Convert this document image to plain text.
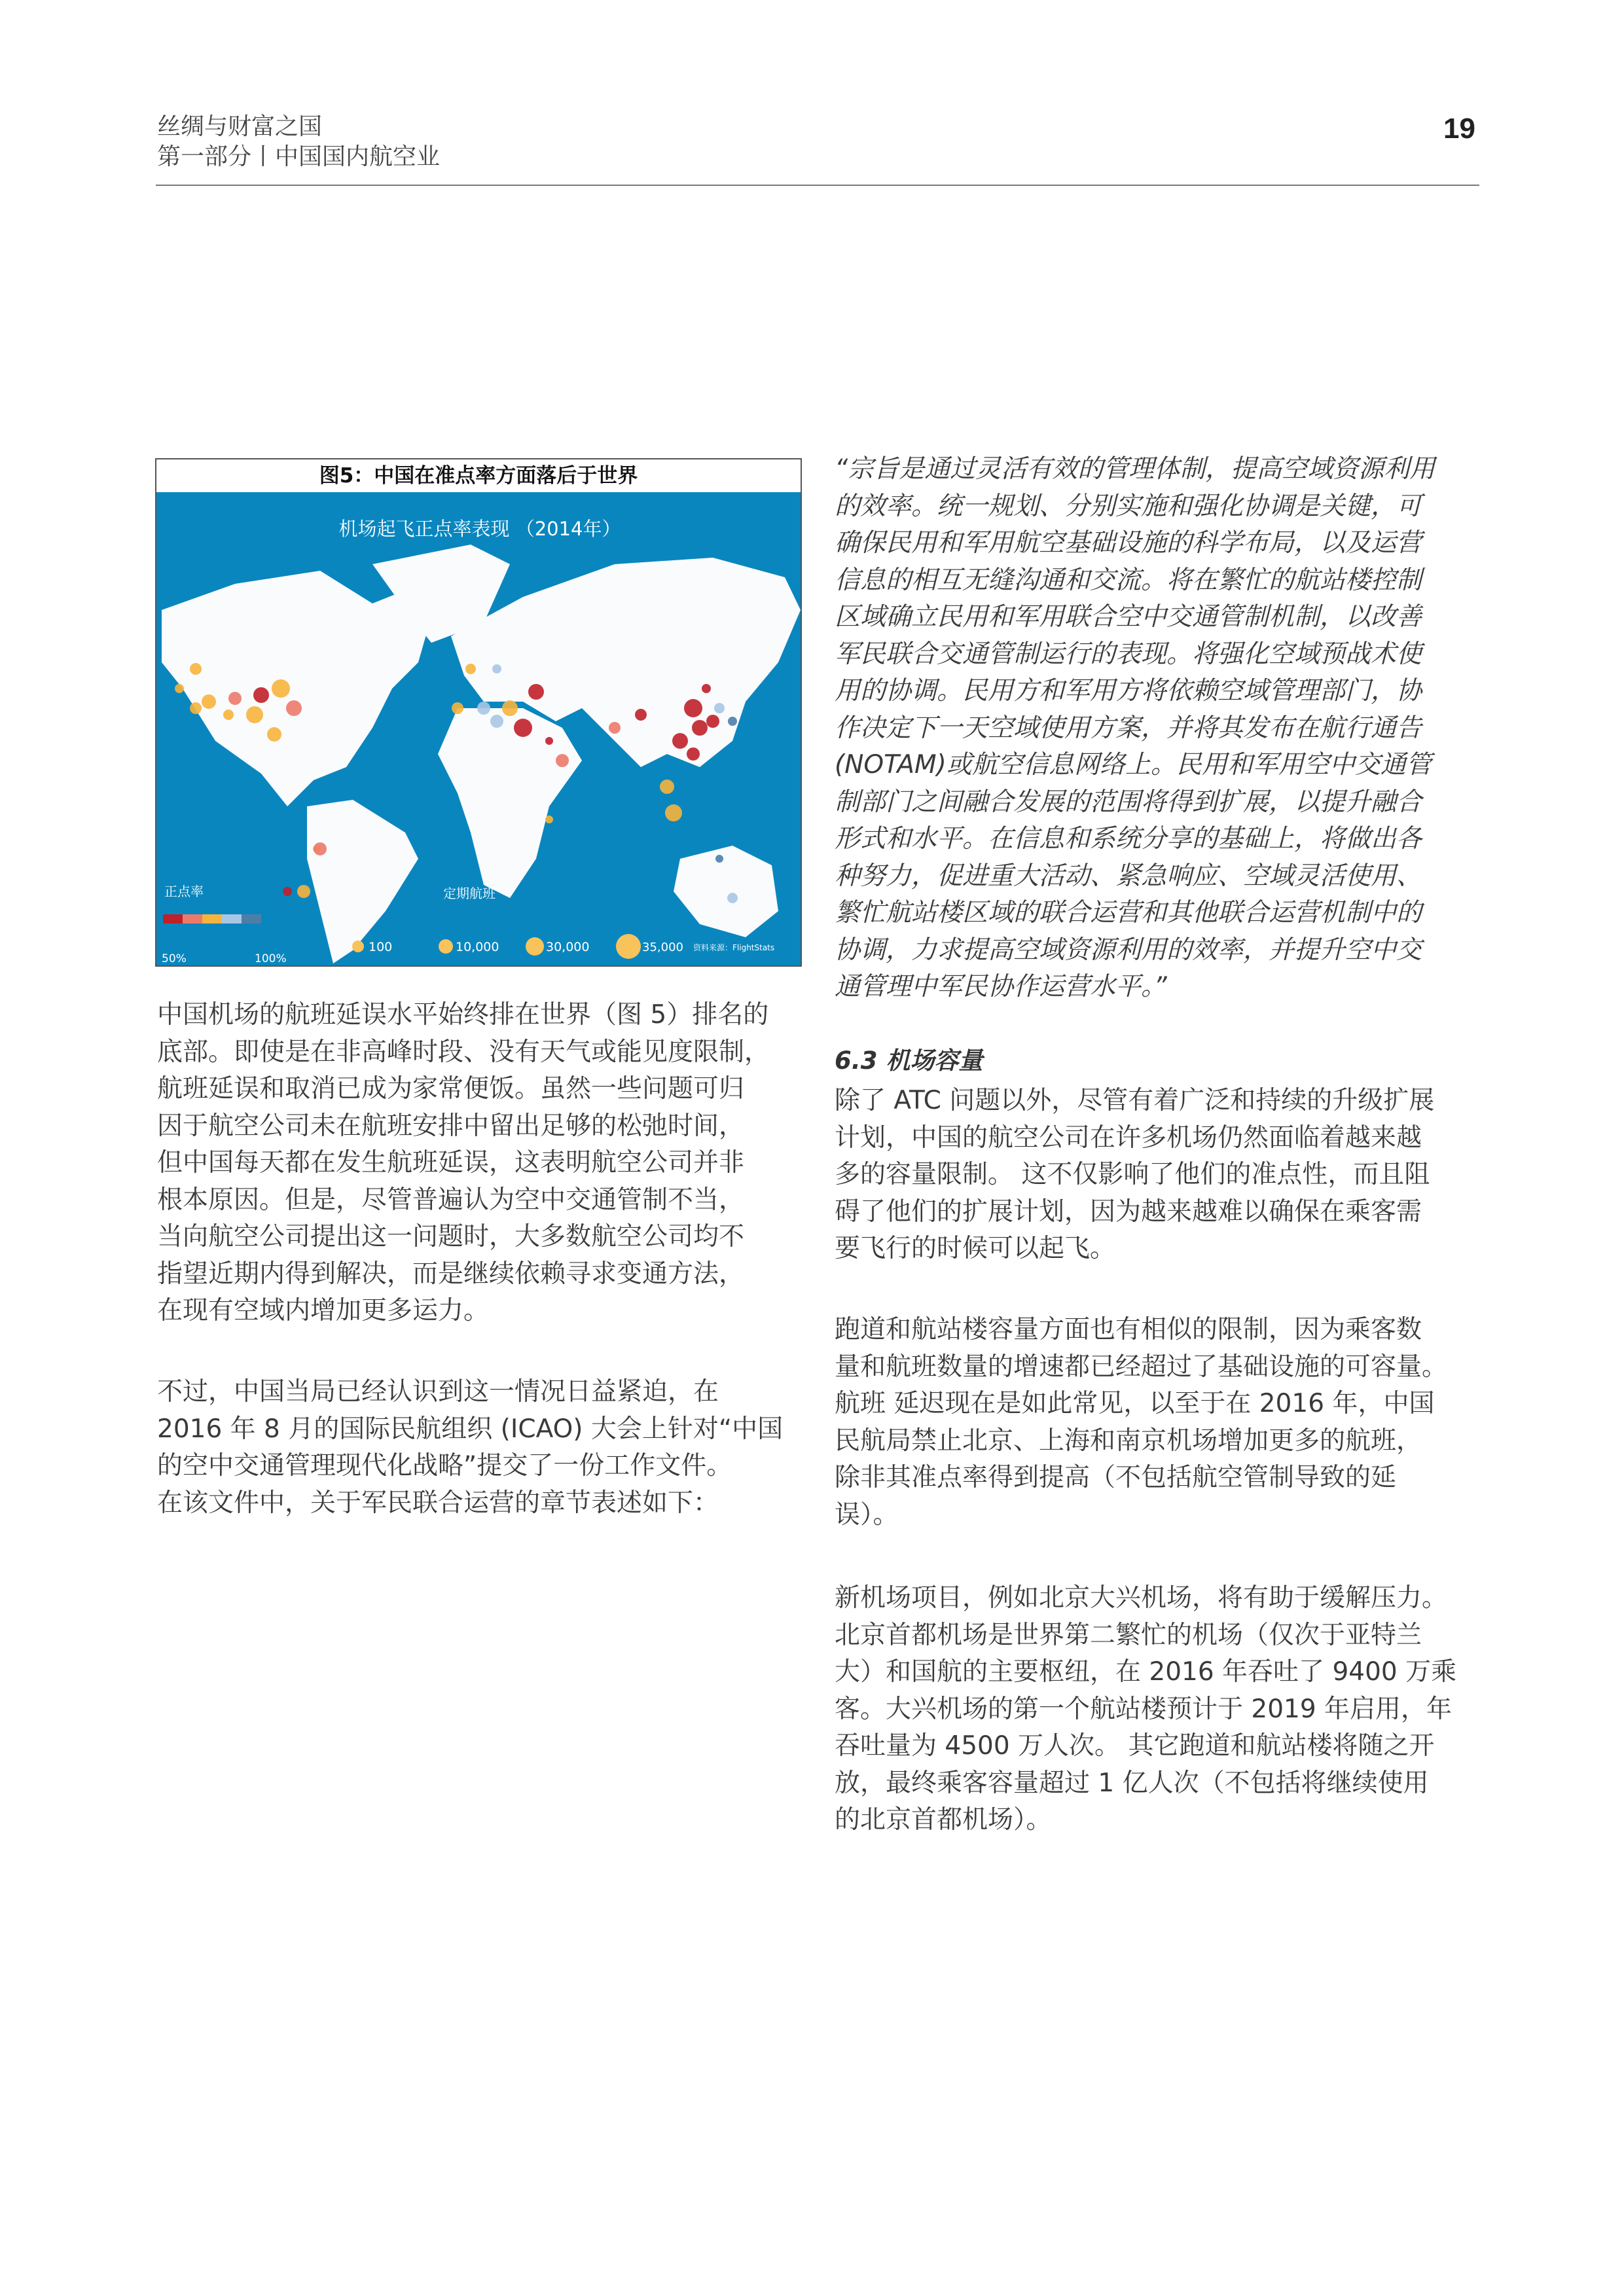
丝绸与财富之国
第一部分丨中国国内航空业
19
图5：中国在准点率方面落后于世界
机场起飞正点率表现 （2014年）
正点率
50%	100%
定期航班
100	10,000	30,000	35,000 资料来源：FlightStats
中国机场的航班延误水平始终排在世界（图 5）排名的
底部。即使是在非高峰时段、没有天气或能见度限制，
航班延误和取消已成为家常便饭。虽然一些问题可归
因于航空公司未在航班安排中留出足够的松弛时间，
但中国每天都在发生航班延误，这表明航空公司并非
根本原因。但是，尽管普遍认为空中交通管制不当，
当向航空公司提出这一问题时，大多数航空公司均不
指望近期内得到解决，而是继续依赖寻求变通方法，
在现有空域内增加更多运力。
不过，中国当局已经认识到这一情况日益紧迫，在
2016 年 8 月的国际民航组织 (ICAO) 大会上针对“中国
的空中交通管理现代化战略”提交了一份工作文件。
在该文件中，关于军民联合运营的章节表述如下：
“宗旨是通过灵活有效的管理体制，提高空域资源利用
的效率。统一规划、分别实施和强化协调是关键，可
确保民用和军用航空基础设施的科学布局，以及运营
信息的相互无缝沟通和交流。将在繁忙的航站楼控制
区域确立民用和军用联合空中交通管制机制，以改善
军民联合交通管制运行的表现。将强化空域预战术使
用的协调。民用方和军用方将依赖空域管理部门，协
作决定下一天空域使用方案，并将其发布在航行通告
(NOTAM)或航空信息网络上。民用和军用空中交通管
制部门之间融合发展的范围将得到扩展，以提升融合
形式和水平。在信息和系统分享的基础上，将做出各
种努力，促进重大活动、紧急响应、空域灵活使用、
繁忙航站楼区域的联合运营和其他联合运营机制中的
协调，力求提高空域资源利用的效率，并提升空中交
通管理中军民协作运营水平。”
6.3 机场容量
除了 ATC 问题以外，尽管有着广泛和持续的升级扩展
计划，中国的航空公司在许多机场仍然面临着越来越
多的容量限制。 这不仅影响了他们的准点性，而且阻
碍了他们的扩展计划，因为越来越难以确保在乘客需
要飞行的时候可以起飞。
跑道和航站楼容量方面也有相似的限制，因为乘客数
量和航班数量的增速都已经超过了基础设施的可容量。
航班 延迟现在是如此常见，以至于在 2016 年，中国
民航局禁止北京、上海和南京机场增加更多的航班，
除非其准点率得到提高（不包括航空管制导致的延
误）。
新机场项目，例如北京大兴机场，将有助于缓解压力。
北京首都机场是世界第二繁忙的机场（仅次于亚特兰
大）和国航的主要枢纽，在 2016 年吞吐了 9400 万乘
客。大兴机场的第一个航站楼预计于 2019 年启用，年
吞吐量为 4500 万人次。 其它跑道和航站楼将随之开
放，最终乘客容量超过 1 亿人次（不包括将继续使用
的北京首都机场）。
